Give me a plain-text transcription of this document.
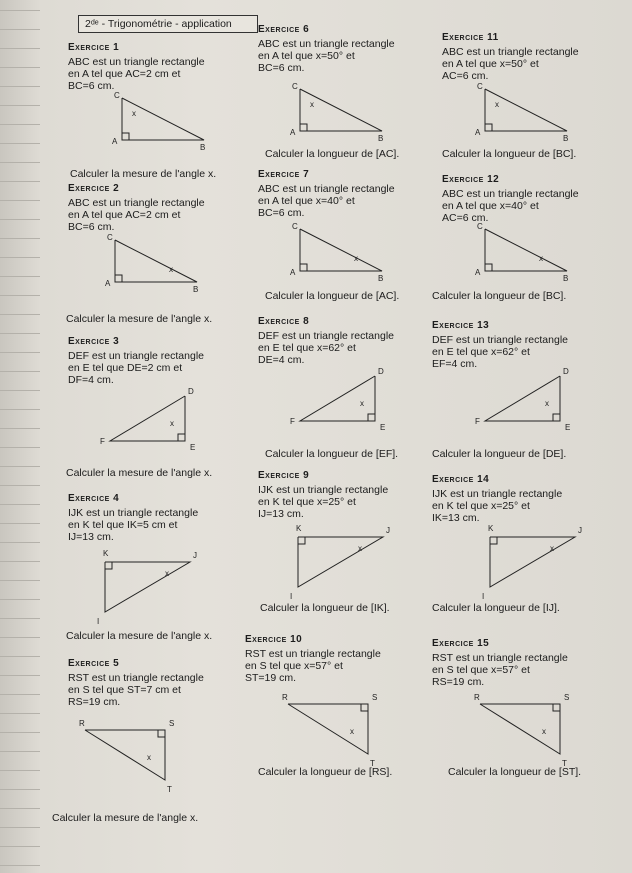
2ᵈᵉ - Trigonométrie - application
Exercice 1
ABC est un triangle rectangle
en A tel que AC=2 cm et
BC=6 cm.
C
A
B
x
Calculer la mesure de l'angle x.
Exercice 2
ABC est un triangle rectangle
en A tel que AC=2 cm et
BC=6 cm.
C
A
B
x
Calculer la mesure de l'angle x.
Exercice 3
DEF est un triangle rectangle
en E tel que DE=2 cm et
DF=4 cm.
D
F
E
x
Calculer la mesure de l'angle x.
Exercice 4
IJK est un triangle rectangle
en K tel que IK=5 cm et
IJ=13 cm.
K	J
I
x
Calculer la mesure de l'angle x.
Exercice 5
RST est un triangle rectangle
en S tel que ST=7 cm et
RS=19 cm.
R	S
T
x
Calculer la mesure de l'angle x.
Exercice 6
ABC est un triangle rectangle
en A tel que x=50° et
BC=6 cm.
C
A
B
x
Calculer la longueur de [AC].
Exercice 7
ABC est un triangle rectangle
en A tel que x=40° et
BC=6 cm.
C
A
B
x
Calculer la longueur de [AC].
Exercice 8
DEF est un triangle rectangle
en E tel que x=62° et
DE=4 cm.
D
F
E
x
Calculer la longueur de [EF].
Exercice 9
IJK est un triangle rectangle
en K tel que x=25° et
IJ=13 cm.
K	J
I
x
Calculer la longueur de [IK].
Exercice 10
RST est un triangle rectangle
en S tel que x=57° et
ST=19 cm.
R	S
T
x
Calculer la longueur de [RS].
Exercice 11
ABC est un triangle rectangle
en A tel que x=50° et
AC=6 cm.
C
A
B
x
Calculer la longueur de [BC].
Exercice 12
ABC est un triangle rectangle
en A tel que x=40° et
AC=6 cm.
C
A
B
x
Calculer la longueur de [BC].
Exercice 13
DEF est un triangle rectangle
en E tel que x=62° et
EF=4 cm.
D
F
E
x
Calculer la longueur de [DE].
Exercice 14
IJK est un triangle rectangle
en K tel que x=25° et
IK=13 cm.
K	J
I
x
Calculer la longueur de [IJ].
Exercice 15
RST est un triangle rectangle
en S tel que x=57° et
RS=19 cm.
R	S
T
x
Calculer la longueur de [ST].
